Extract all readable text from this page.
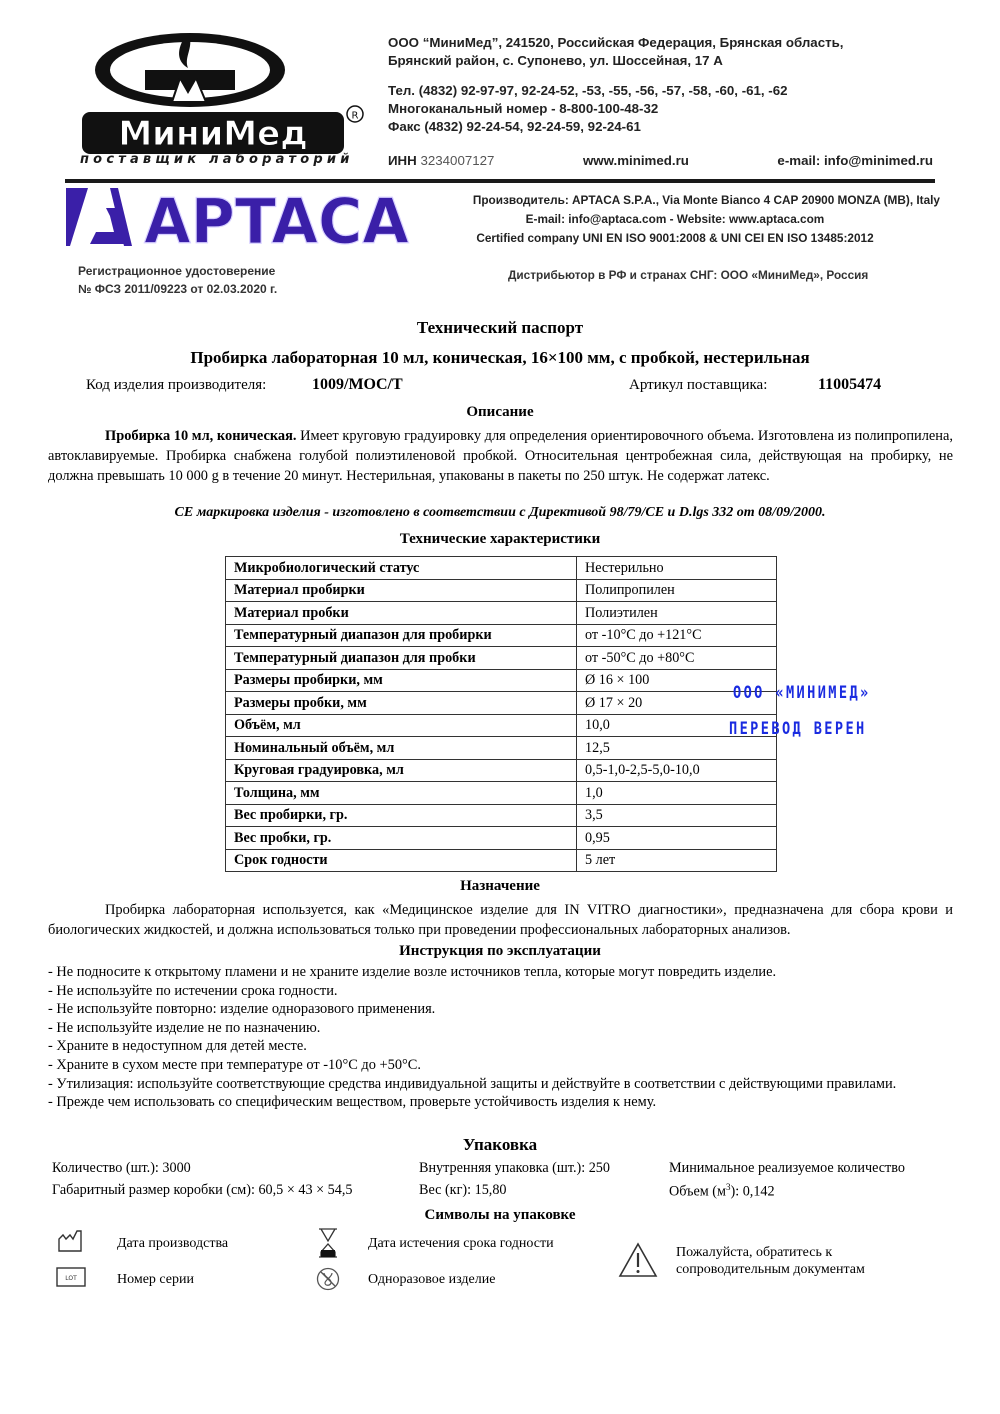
МиниМед	R
поставщик лабораторий
ООО “МиниМед”, 241520, Российская Федерация, Брянская область,
Брянский район, с. Супонево, ул. Шоссейная, 17 А
Тел. (4832) 92-97-97, 92-24-52, -53, -55, -56, -57, -58, -60, -61, -62
Многоканальный номер - 8-800-100-48-32
Факс (4832) 92-24-54, 92-24-59, 92-24-61
ИНН 3234007127	www.minimed.ru	e-mail: info@minimed.ru
APTACA	Производитель: APTACA S.P.A., Via Monte Bianco 4 CAP 20900 MONZA (MB), Italy
E-mail: info@aptaca.com - Website: www.aptaca.com
Certified company UNI EN ISO 9001:2008 & UNI CEI EN ISO 13485:2012
Регистрационное удостоверение
№ ФСЗ 2011/09223 от 02.03.2020 г.
Дистрибьютор в РФ и странах СНГ: ООО «МиниМед», Россия
Технический паспорт
Пробирка лабораторная 10 мл, коническая, 16×100 мм, с пробкой, нестерильная
Код изделия производителя:	1009/MOC/T	Артикул поставщика:	11005474
Описание
Пробирка 10 мл, коническая. Имеет круговую градуировку для определения ориентировочного объема. Изготовлена из полипропилена, автоклавируемые. Пробирка снабжена голубой полиэтиленовой пробкой. Относительная центробежная сила, действующая на пробирку, не должна превышать 10 000 g в течение 20 минут. Нестерильная, упакованы в пакеты по 250 штук. Не содержат латекс.
CE маркировка изделия - изготовлено в соответствии с Директивой 98/79/CE и D.lgs 332 от 08/09/2000.
Технические характеристики
Микробиологический статус	Нестерильно
Материал пробирки	Полипропилен
Материал пробки	Полиэтилен
Температурный диапазон для пробирки	от -10°C до +121°C
Температурный диапазон для пробки	от -50°C до +80°C
Размеры пробирки, мм	Ø 16 × 100
Размеры пробки, мм	Ø 17 × 20
Объём, мл	10,0
Номинальный объём, мл	12,5
Круговая градуировка, мл	0,5-1,0-2,5-5,0-10,0
Толщина, мм	1,0
Вес пробирки, гр.	3,5
Вес пробки, гр.	0,95
Срок годности	5 лет
ООО «МИНИМЕД»
ПЕРЕВОД ВЕРЕН
Назначение
Пробирка лабораторная используется, как «Медицинское изделие для IN VITRO диагностики», предназначена для сбора крови и биологических жидкостей, и должна использоваться только при проведении профессиональных лабораторных анализов.
Инструкция по эксплуатации
- Не подносите к открытому пламени и не храните изделие возле источников тепла, которые могут повредить изделие.
- Не используйте по истечении срока годности.
- Не используйте повторно: изделие одноразового применения.
- Не используйте изделие не по назначению.
- Храните в недоступном для детей месте.
- Храните в сухом месте при температуре от -10°C до +50°C.
- Утилизация: используйте соответствующие средства индивидуальной защиты и действуйте в соответствии с действующими правилами.
- Прежде чем использовать со специфическим веществом, проверьте устойчивость изделия к нему.
Упаковка
Количество (шт.): 3000	Внутренняя упаковка (шт.): 250	Минимальное реализуемое количество
Габаритный размер коробки (см): 60,5 × 43 × 54,5	Вес (кг): 15,80	Объем $(м^3)$: 0,142
Символы на упаковке
Дата производства	Дата истечения срока годности
LOT	Номер серии	Одноразовое изделие
Пожалуйста, обратитесь к
сопроводительным документам
